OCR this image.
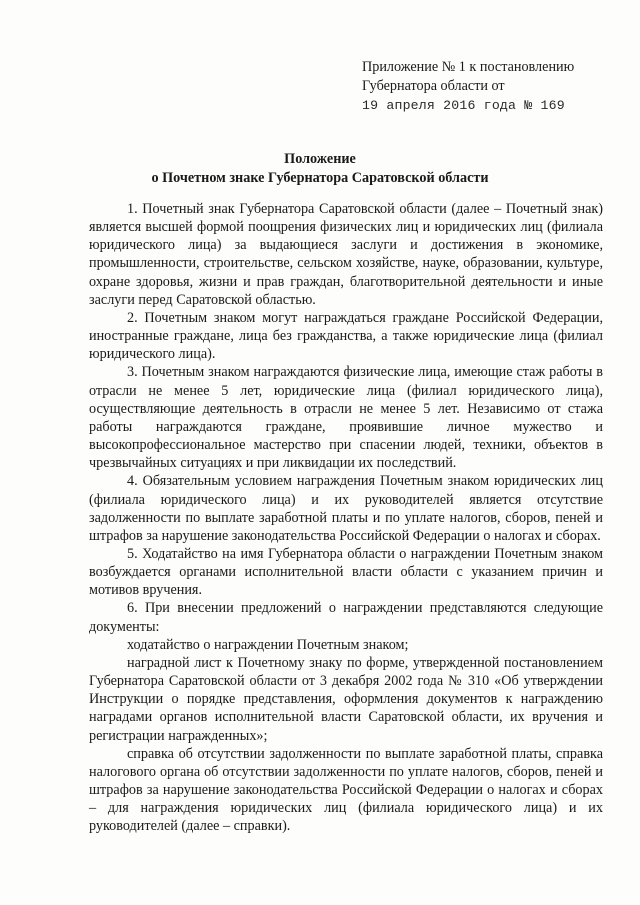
Приложение № 1 к постановлению
Губернатора области от
19 апреля 2016 года № 169
Положение
о Почетном знаке Губернатора Саратовской области

1. Почетный знак Губернатора Саратовской области (далее – Почетный знак) является высшей формой поощрения физических лиц и юридических лиц (филиала юридического лица) за выдающиеся заслуги и достижения в экономике, промышленности, строительстве, сельском хозяйстве, науке, образовании, культуре, охране здоровья, жизни и прав граждан, благотворительной деятельности и иные заслуги перед Саратовской областью.

2. Почетным знаком могут награждаться граждане Российской Федерации, иностранные граждане, лица без гражданства, а также юридические лица (филиал юридического лица).

3. Почетным знаком награждаются физические лица, имеющие стаж работы в отрасли не менее 5 лет, юридические лица (филиал юридического лица), осуществляющие деятельность в отрасли не менее 5 лет. Независимо от стажа работы награждаются граждане, проявившие личное мужество и высокопрофессиональное мастерство при спасении людей, техники, объектов в чрезвычайных ситуациях и при ликвидации их последствий.

4. Обязательным условием награждения Почетным знаком юридических лиц (филиала юридического лица) и их руководителей является отсутствие задолженности по выплате заработной платы и по уплате налогов, сборов, пеней и штрафов за нарушение законодательства Российской Федерации о налогах и сборах.

5. Ходатайство на имя Губернатора области о награждении Почетным знаком возбуждается органами исполнительной власти области с указанием причин и мотивов вручения.

6. При внесении предложений о награждении представляются следующие документы:

ходатайство о награждении Почетным знаком;

наградной лист к Почетному знаку по форме, утвержденной постановлением Губернатора Саратовской области от 3 декабря 2002 года № 310 «Об утверждении Инструкции о порядке представления, оформления документов к награждению наградами органов исполнительной власти Саратовской области, их вручения и регистрации награжденных»;

справка об отсутствии задолженности по выплате заработной платы, справка налогового органа об отсутствии задолженности по уплате налогов, сборов, пеней и штрафов за нарушение законодательства Российской Федерации о налогах и сборах – для награждения юридических лиц (филиала юридического лица) и их руководителей (далее – справки).
